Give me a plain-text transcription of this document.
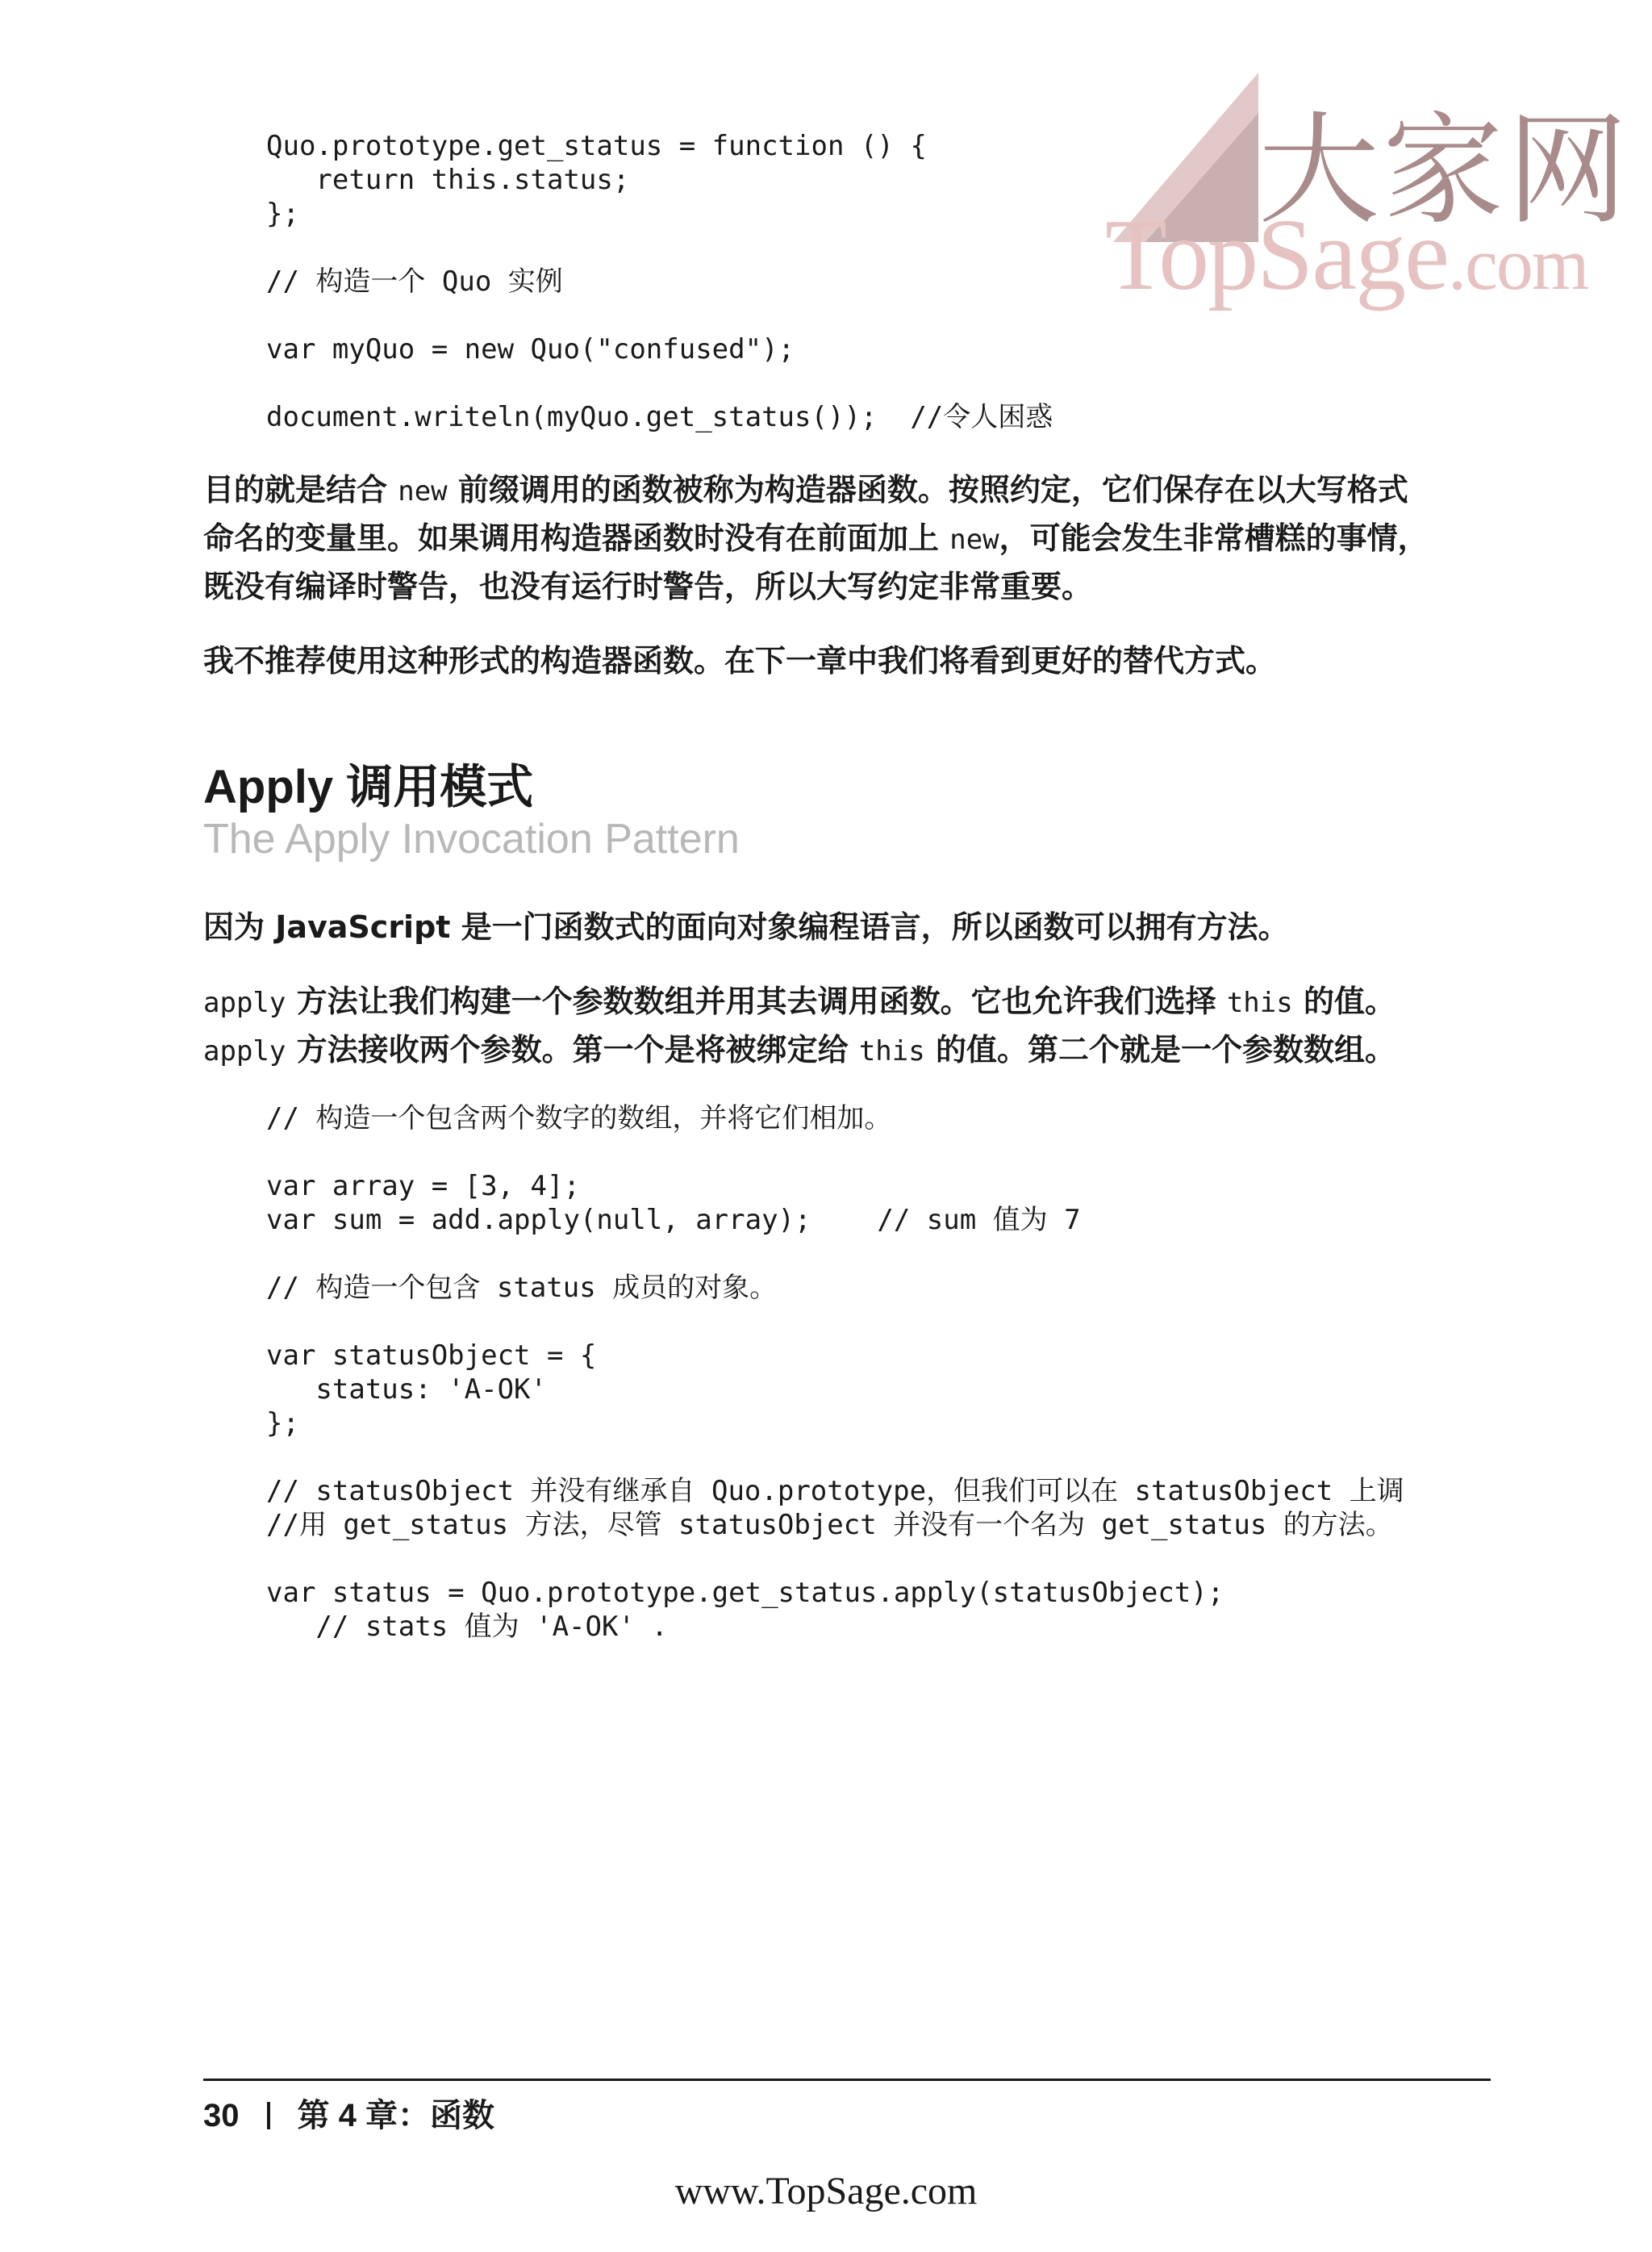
大家网
TopSage.com
Quo.prototype.get_status = function () {
return this.status;
};
// 构造一个 Quo 实例
var myQuo = new Quo("confused");
document.writeln(myQuo.get_status());  //令人困惑
目的就是结合 new 前缀调用的函数被称为构造器函数。按照约定，它们保存在以大写格式
命名的变量里。如果调用构造器函数时没有在前面加上 new，可能会发生非常槽糕的事情，
既没有编译时警告，也没有运行时警告，所以大写约定非常重要。
我不推荐使用这种形式的构造器函数。在下一章中我们将看到更好的替代方式。
Apply 调用模式
The Apply Invocation Pattern
因为 JavaScript 是一门函数式的面向对象编程语言，所以函数可以拥有方法。
apply 方法让我们构建一个参数数组并用其去调用函数。它也允许我们选择 this 的值。
apply 方法接收两个参数。第一个是将被绑定给 this 的值。第二个就是一个参数数组。
// 构造一个包含两个数字的数组，并将它们相加。
var array = [3, 4];
var sum = add.apply(null, array);    // sum 值为 7
// 构造一个包含 status 成员的对象。
var statusObject = {
status: 'A-OK'
};
// statusObject 并没有继承自 Quo.prototype，但我们可以在 statusObject 上调
//用 get_status 方法，尽管 statusObject 并没有一个名为 get_status 的方法。
var status = Quo.prototype.get_status.apply(statusObject);
// stats 值为 'A-OK' .
30 第 4 章：函数
www.TopSage.com
